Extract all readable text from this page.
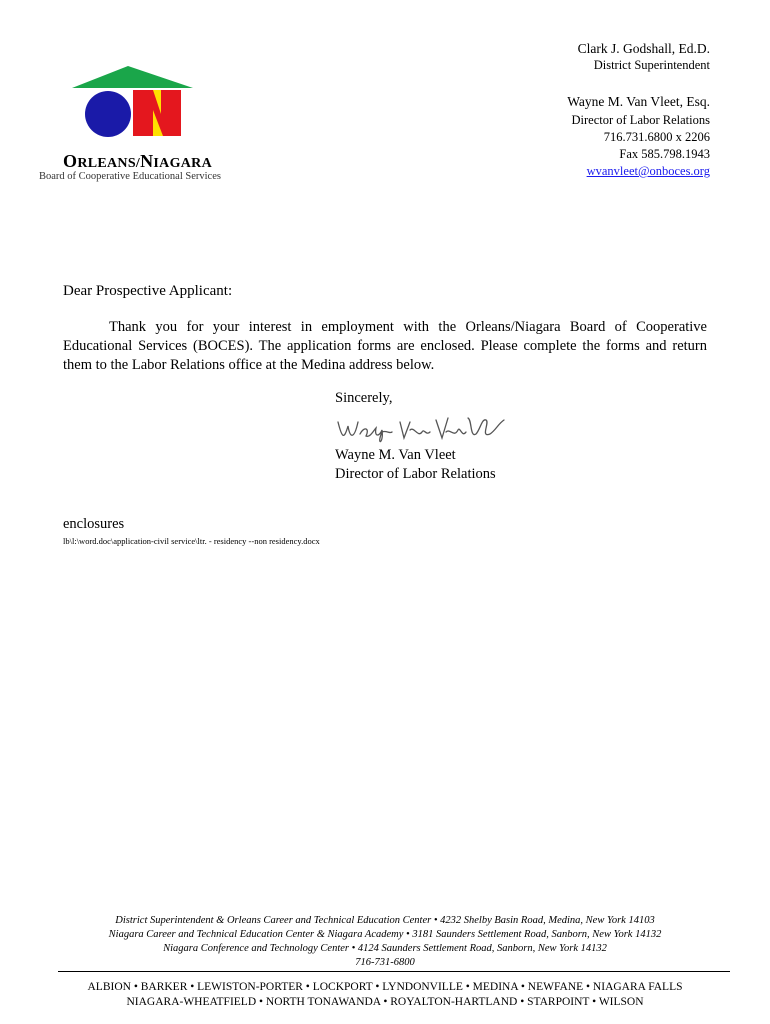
ORLEANS/NIAGARA
Board of Cooperative Educational Services
Clark J. Godshall, Ed.D.
District Superintendent
Wayne M. Van Vleet, Esq.
Director of Labor Relations
716.731.6800 x 2206
Fax 585.798.1943
wvanvleet@onboces.org
Dear Prospective Applicant:
Thank you for your interest in employment with the Orleans/Niagara Board of Cooperative Educational Services (BOCES). The application forms are enclosed. Please complete the forms and return them to the Labor Relations office at the Medina address below.
Sincerely,
Wayne M. Van Vleet
Director of Labor Relations
enclosures
lb\l:\word.doc\application-civil service\ltr. - residency --non residency.docx
District Superintendent & Orleans Career and Technical Education Center • 4232 Shelby Basin Road, Medina, New York 14103
Niagara Career and Technical Education Center & Niagara Academy • 3181 Saunders Settlement Road, Sanborn, New York 14132
Niagara Conference and Technology Center • 4124 Saunders Settlement Road, Sanborn, New York 14132
716-731-6800
ALBION • BARKER • LEWISTON-PORTER • LOCKPORT • LYNDONVILLE • MEDINA • NEWFANE • NIAGARA FALLS
NIAGARA-WHEATFIELD • NORTH TONAWANDA • ROYALTON-HARTLAND • STARPOINT • WILSON
